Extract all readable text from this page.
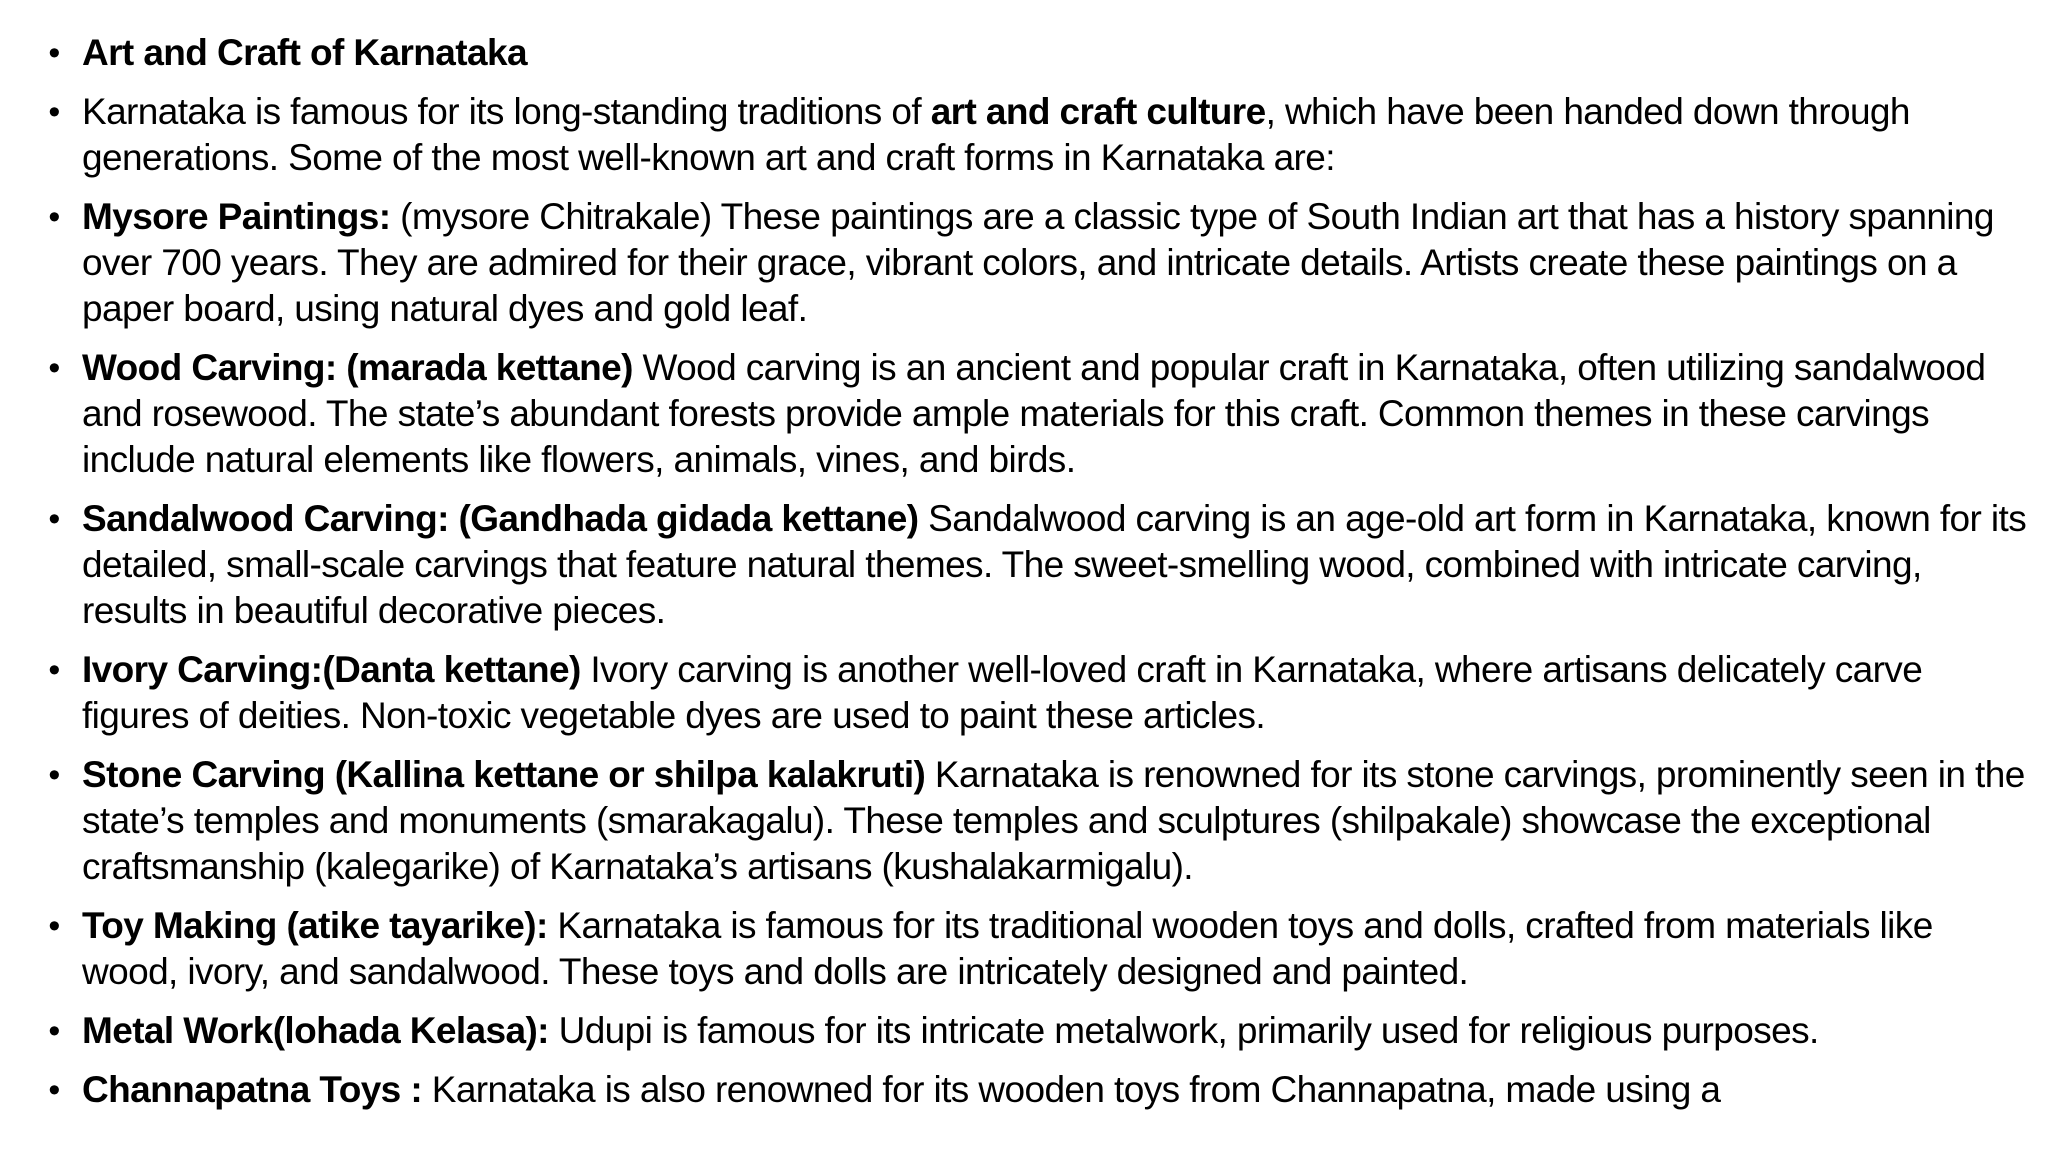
• Art and Craft of Karnataka
• Karnataka is famous for its long-standing traditions of art and craft culture, which have been handed down through generations. Some of the most well-known art and craft forms in Karnataka are:
• Mysore Paintings: (mysore Chitrakale) These paintings are a classic type of South Indian art that has a history spanning over 700 years. They are admired for their grace, vibrant colors, and intricate details. Artists create these paintings on a paper board, using natural dyes and gold leaf.
• Wood Carving: (marada kettane) Wood carving is an ancient and popular craft in Karnataka, often utilizing sandalwood and rosewood. The state’s abundant forests provide ample materials for this craft. Common themes in these carvings include natural elements like flowers, animals, vines, and birds.
• Sandalwood Carving: (Gandhada gidada kettane) Sandalwood carving is an age-old art form in Karnataka, known for its detailed, small-scale carvings that feature natural themes. The sweet-smelling wood, combined with intricate carving, results in beautiful decorative pieces.
• Ivory Carving:(Danta kettane) Ivory carving is another well-loved craft in Karnataka, where artisans delicately carve figures of deities. Non-toxic vegetable dyes are used to paint these articles.
• Stone Carving (Kallina kettane or shilpa kalakruti) Karnataka is renowned for its stone carvings, prominently seen in the state’s temples and monuments (smarakagalu). These temples and sculptures (shilpakale) showcase the exceptional craftsmanship (kalegarike) of Karnataka’s artisans (kushalakarmigalu).
• Toy Making (atike tayarike): Karnataka is famous for its traditional wooden toys and dolls, crafted from materials like wood, ivory, and sandalwood. These toys and dolls are intricately designed and painted.
• Metal Work(lohada Kelasa): Udupi is famous for its intricate metalwork, primarily used for religious purposes.
• Channapatna Toys : Karnataka is also renowned for its wooden toys from Channapatna, made using a
